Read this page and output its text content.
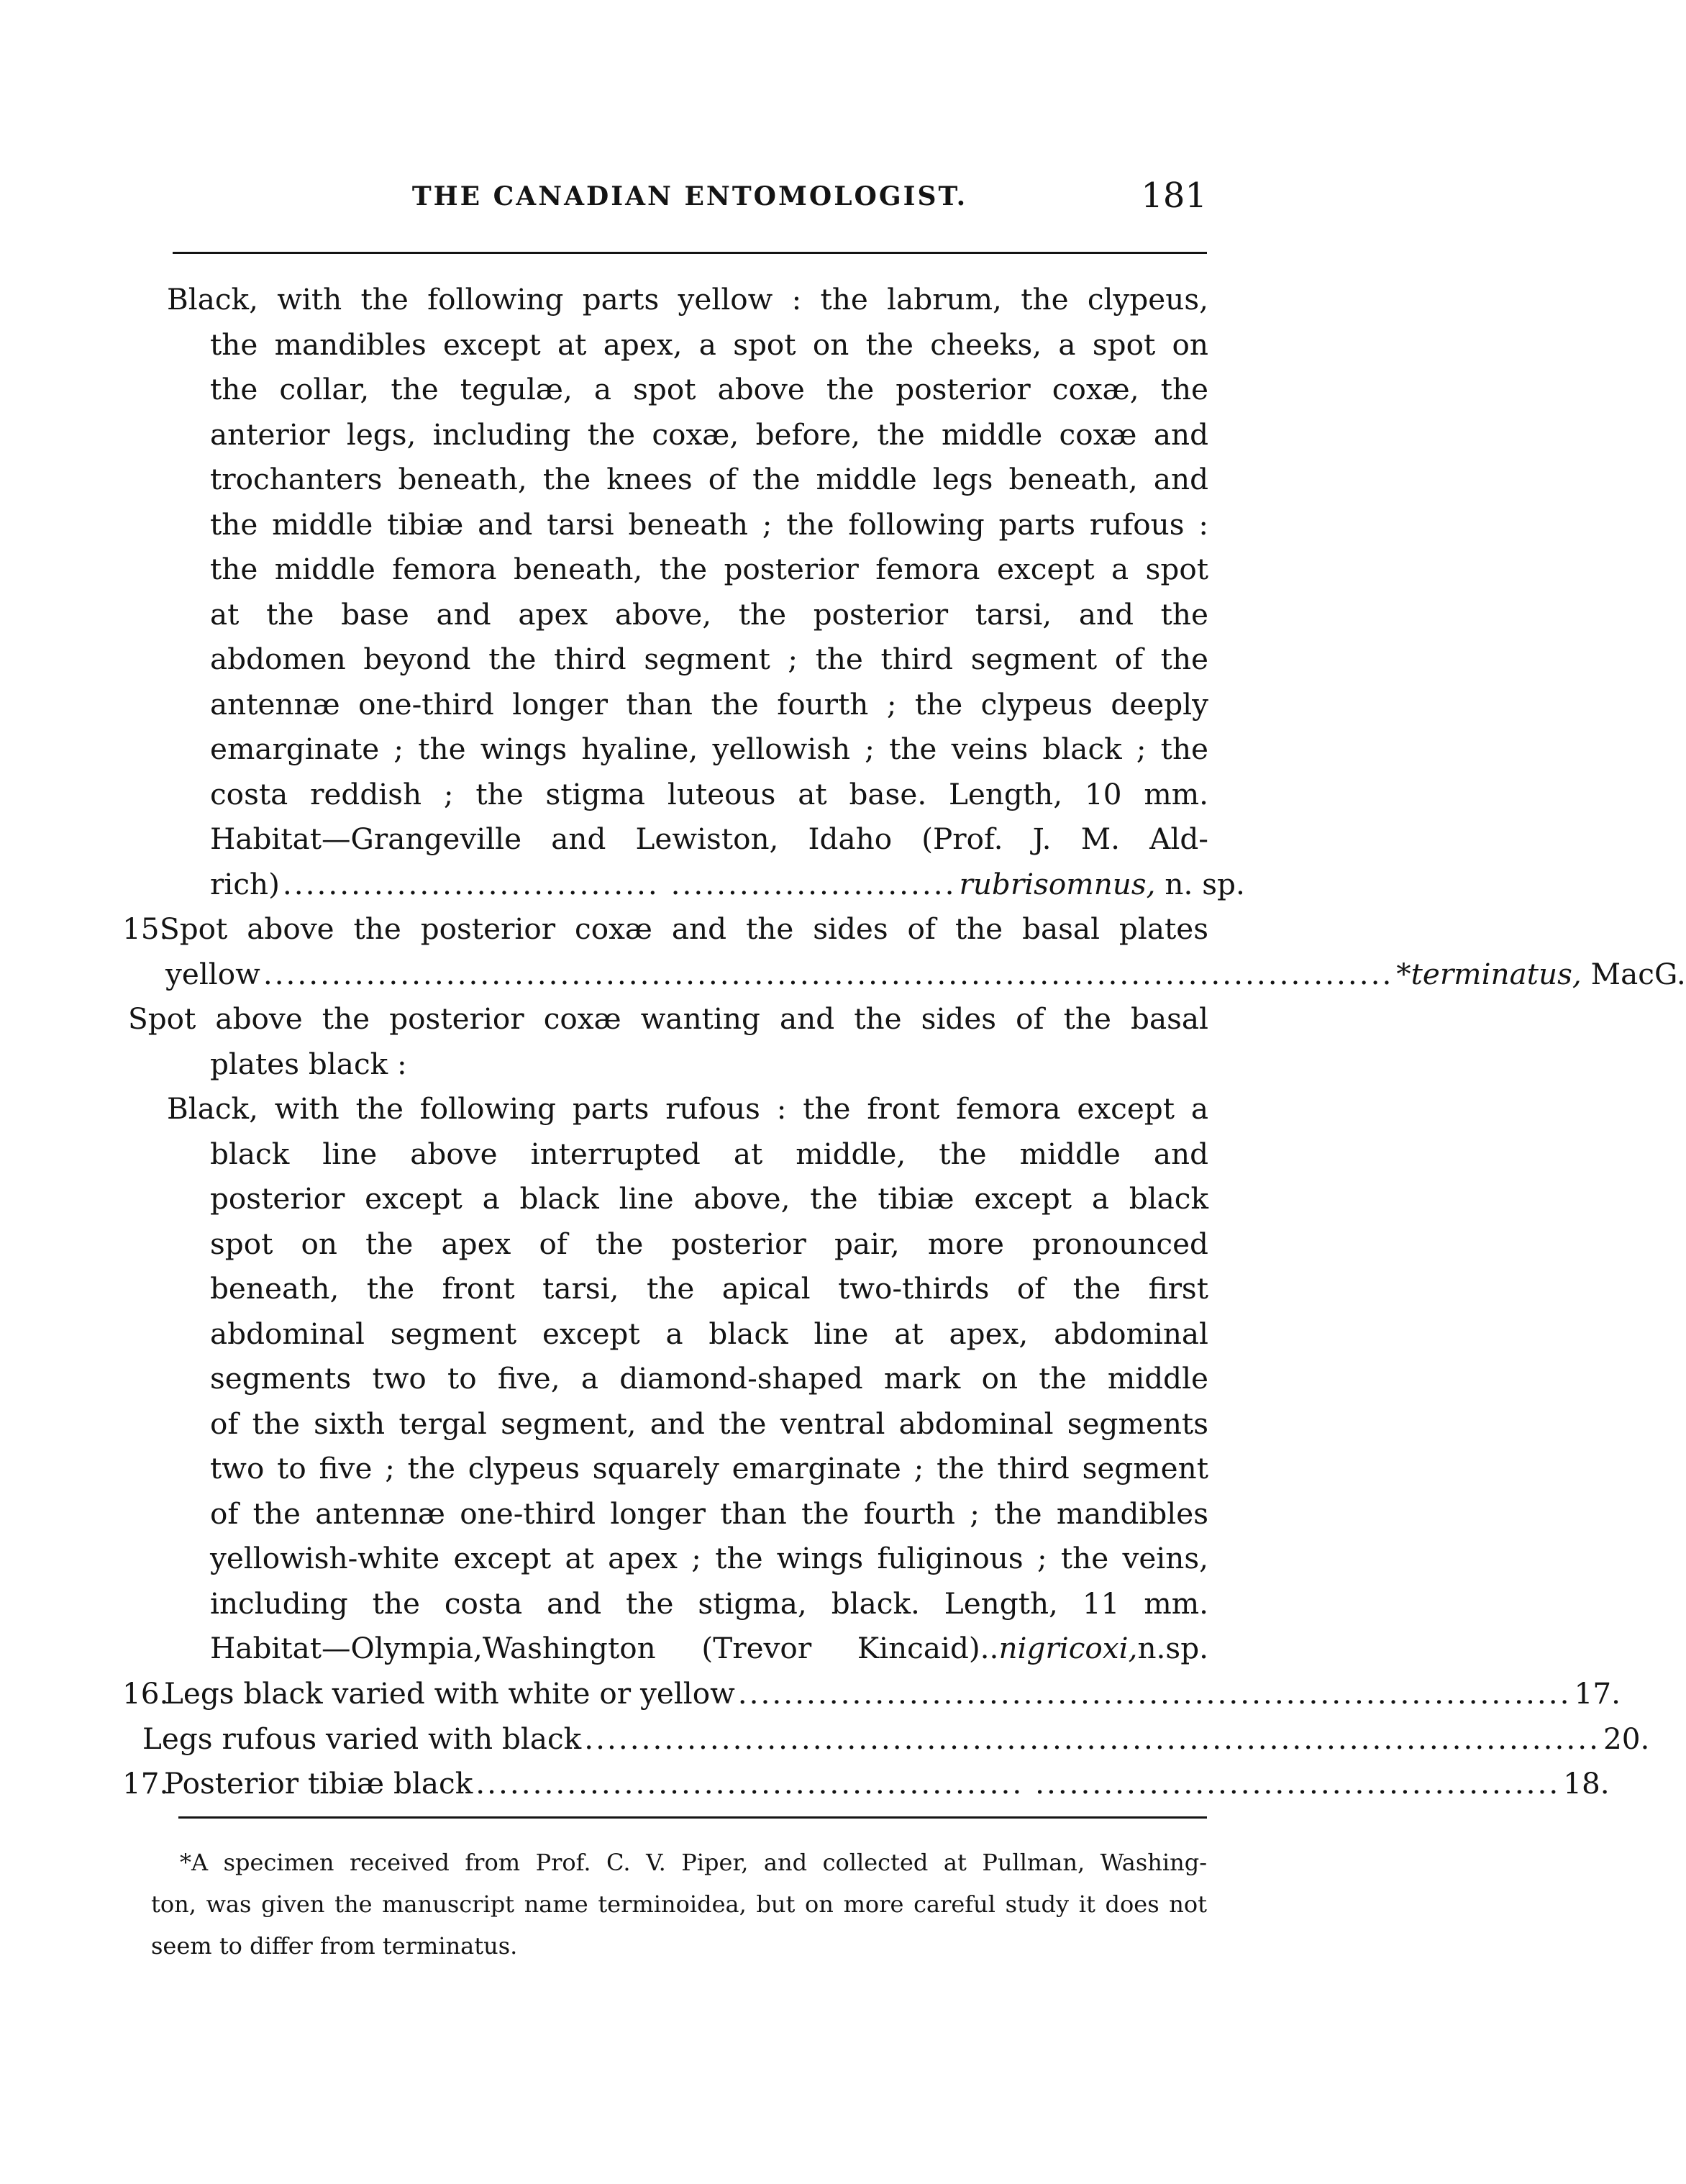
THE CANADIAN ENTOMOLOGIST.	181
Black, with the following parts yellow : the labrum, the clypeus,
the mandibles except at apex, a spot on the cheeks, a spot on
the collar, the tegulæ, a spot above the posterior coxæ, the
anterior legs, including the coxæ, before, the middle coxæ and
trochanters beneath, the knees of the middle legs beneath, and
the middle tibiæ and tarsi beneath ; the following parts rufous :
the middle femora beneath, the posterior femora except a spot
at the base and apex above, the posterior tarsi, and the
abdomen beyond the third segment ; the third segment of the
antennæ one-third longer than the fourth ; the clypeus deeply
emarginate ; the wings hyaline, yellowish ; the veins black ; the
costa reddish ; the stigma luteous at base. Length, 10 mm.
Habitat—Grangeville and Lewiston, Idaho (Prof. J. M. Ald-
rich) ................................. ......................... rubrisomnus, n. sp.
15.Spot above the posterior coxæ and the sides of the basal plates
yellow ................................................................................................... *terminatus, MacG.
Spot above the posterior coxæ wanting and the sides of the basal
plates black :
Black, with the following parts rufous : the front femora except a
black line above interrupted at middle, the middle and
posterior except a black line above, the tibiæ except a black
spot on the apex of the posterior pair, more pronounced
beneath, the front tarsi, the apical two-thirds of the first
abdominal segment except a black line at apex, abdominal
segments two to five, a diamond-shaped mark on the middle
of the sixth tergal segment, and the ventral abdominal segments
two to five ; the clypeus squarely emarginate ; the third segment
of the antennæ one-third longer than the fourth ; the mandibles
yellowish-white except at apex ; the wings fuliginous ; the veins,
including the costa and the stigma, black. Length, 11 mm.
Habitat—Olympia,Washington (Trevor Kincaid)..nigricoxi,n.sp.
16.Legs black varied with white or yellow ......................................................................... 17.
Legs rufous varied with black ......................................................................................... 20.
17.Posterior tibiæ black ................................................ .............................................. 18.
*A specimen received from Prof. C. V. Piper, and collected at Pullman, Washing-
ton, was given the manuscript name terminoidea, but on more careful study it does not
seem to differ from terminatus.
